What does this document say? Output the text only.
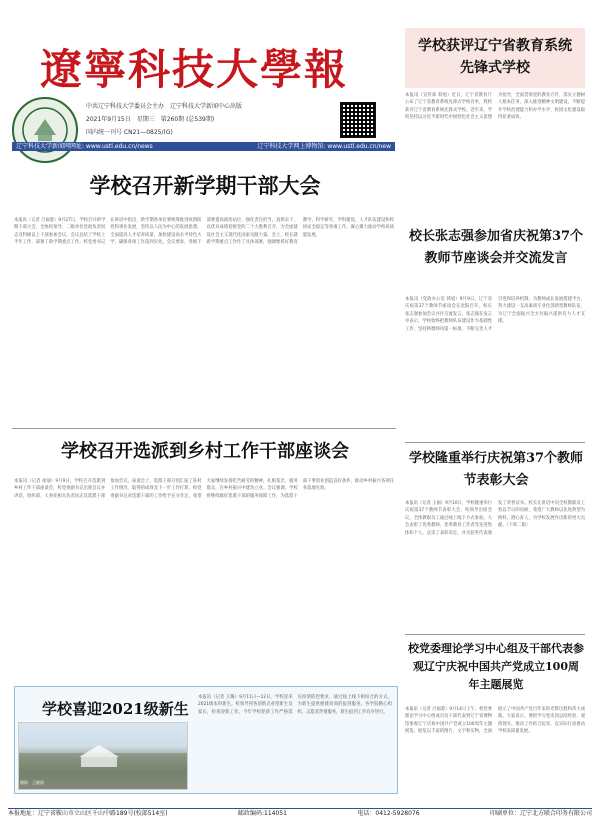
遼寧科技大學報
中共辽宁科技大学委员会主办　辽宁科技大学新闻中心出版
2021年9月15日　星期三　第260期 (总539期)
国内统一刊号 CN21—0825/(G)
辽宁科技大学新闻网网址: www.ustl.edu.cn/news	辽宁科技大学网上博物馆: www.ustl.edu.cn/new
学校获评辽宁省教育系统先锋式学校
本报讯（宣传部 韩旭）近日，辽宁省教育厅公布了辽宁省教育系统先锋式学校名单，我校获评辽宁省教育系统先锋式学校。近年来，学校坚持以习近平新时代中国特色社会主义思想为指导，全面贯彻党的教育方针，落实立德树人根本任务，深入推进精神文明建设，不断提升学校治理能力和办学水平，校园文化建设取得显著成效。
学校召开新学期干部大会
本报讯（记者 吕福蓉）9月27日，学校召开新学期干部大会，全体校领导、二级单位党政负责同志及科级以上干部参加会议。会议总结了学校上半年工作，部署了新学期重点工作。校党委书记在讲话中指出，新学期各单位要统筹推进疫情防控和事业发展，坚持以人民为中心的发展思想，全面提高人才培养质量，加快建设高水平特色大学，确保各项工作落到实处。会议要求，各级干部要提高政治站位，强化责任担当，真抓实干，以优异成绩迎接党的二十大胜利召开，为全面建设社会主义现代化国家贡献力量。会上，校长就新学期重点工作作了具体部署，强调要抓好教育教学、科学研究、学科建设、人才队伍建设和校园安全稳定等各项工作，凝心聚力推动学校高质量发展。
学校召开选派到乡村工作干部座谈会
本报讯（记者 徐迪）9月9日，学校召开选派到乡村工作干部座谈会，校党委副书记出席会议并讲话，组织部、人事处相关负责同志及选派干部参加会议。座谈会上，选派干部分别汇报了驻村工作情况、取得的成效及下一步工作打算。校党委副书记对选派干部的工作给予充分肯定，希望大家继续发扬吃苦耐劳的精神，扎根基层，服务群众，在乡村振兴中建功立业。会议强调，学校将继续做好选派干部的服务保障工作，为选派干部干事创业创造良好条件，推动乡村振兴各项任务落地见效。
学校喜迎2021级新生
摄影：王晓丽
本报讯（记者 王璐）9月11日—12日，学校迎来2021级本科新生。校领导到各迎新点看望新生及家长，检查迎新工作。今年学校迎新工作严格落实疫情防控要求，通过线上线下相结合的方式，为新生提供便捷高效的报到服务。各学院精心组织，志愿者热情服务，新生报到工作有序进行。
校长张志强参加省庆祝第37个教师节座谈会并交流发言
本报讯（党政办公室 韩旭）9月9日，辽宁省庆祝第37个教师节座谈会在沈阳召开，校长张志强参加会议并作交流发言。张志强在发言中表示，学校始终把教师队伍建设作为基础性工作，坚持师德师风第一标准，不断完善人才引进和培养机制，为教师成长发展搭建平台，努力建设一支高素质专业化创新型教师队伍，为辽宁全面振兴全方位振兴提供有力人才支撑。
学校隆重举行庆祝第37个教师节表彰大会
本报讯（记者 王丽）9月10日，学校隆重举行庆祝第37个教师节表彰大会，校领导出席会议，全体教职员工通过线上线下方式参加。大会表彰了优秀教师、优秀教育工作者等先进集体和个人，宣读了表彰决定，并为获奖代表颁发了荣誉证书。校长在讲话中向全校教职员工致以节日的问候，希望广大教师以先进典型为榜样，潜心育人，为学校发展作出新的更大贡献。（下转二版）
校党委理论学习中心组及干部代表参观辽宁庆祝中国共产党成立100周年主题展览
本报讯（记者 吕福蓉）9月14日上午，校党委理论学习中心组成员及干部代表到辽宁省博物馆参观辽宁庆祝中国共产党成立100周年主题展览。展览以丰富的图片、文字和实物，全面展示了中国共产党百年来的光辉历程和伟大成就。大家表示，要把学习党史同总结经验、观照现实、推动工作结合起来，以实际行动推动学校高质量发展。
本报地址：辽宁省鞍山市立山区千山中路189号(校部514室)	邮政编码:114051	电话：0412-5928076	印刷单位：辽宁北方联合印务有限公司
